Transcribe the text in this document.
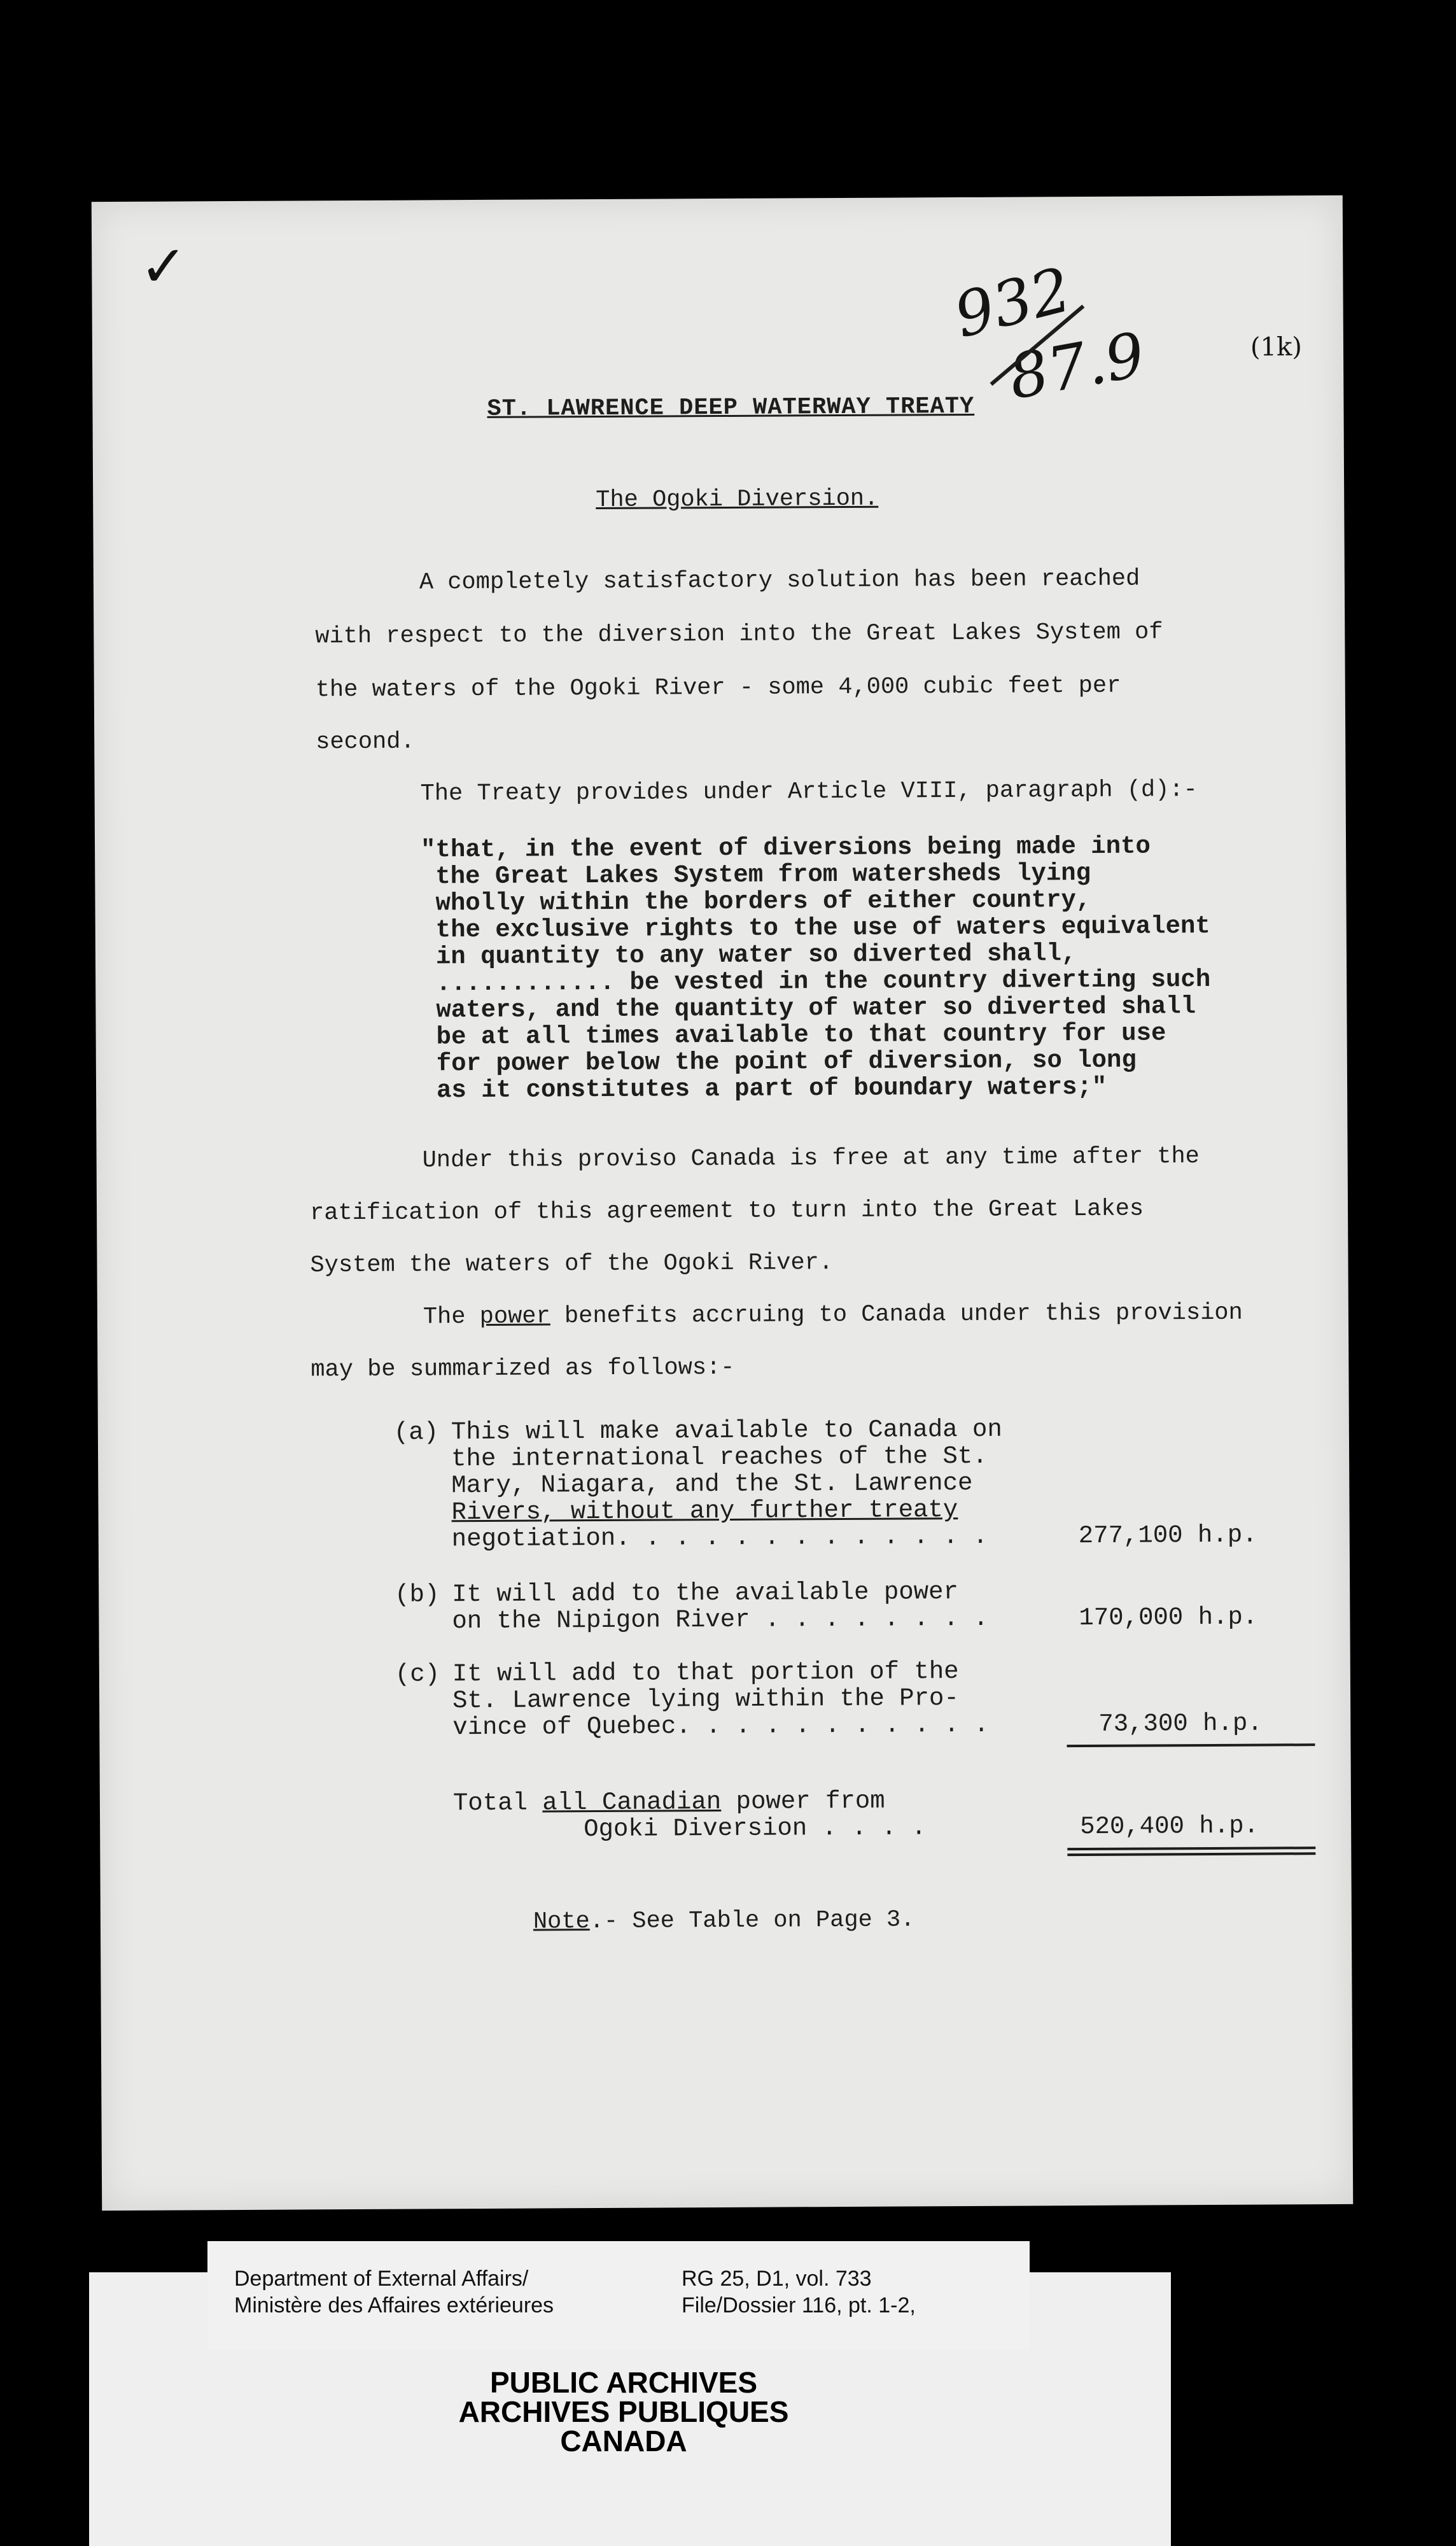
932
87.9	(1k)
✓
ST. LAWRENCE DEEP WATERWAY TREATY
The Ogoki Diversion.
A completely satisfactory solution has been reached
with respect to the diversion into the Great Lakes System of
the waters of the Ogoki River - some 4,000 cubic feet per
second.
The Treaty provides under Article VIII, paragraph (d):-
"that, in the event of diversions being made into
the Great Lakes System from watersheds lying
wholly within the borders of either country,
the exclusive rights to the use of waters equivalent
in quantity to any water so diverted shall,
............ be vested in the country diverting such
waters, and the quantity of water so diverted shall
be at all times available to that country for use
for power below the point of diversion, so long
as it constitutes a part of boundary waters;"
Under this proviso Canada is free at any time after the
ratification of this agreement to turn into the Great Lakes
System the waters of the Ogoki River.
The power benefits accruing to Canada under this provision
may be summarized as follows:-
(a) This will make available to Canada on
the international reaches of the St.
Mary, Niagara, and the St. Lawrence
Rivers, without any further treaty
negotiation. . . . . . . . . . . . .	277,100 h.p.
(b) It will add to the available power
on the Nipigon River . . . . . . . .	170,000 h.p.
(c) It will add to that portion of the
St. Lawrence lying within the Pro-
vince of Quebec. . . . . . . . . . .	73,300 h.p.
Total all Canadian power from
Ogoki Diversion . . . .	520,400 h.p.
Note.- See Table on Page 3.
Department of External Affairs/
Ministère des Affaires extérieures
RG 25, D1, vol. 733
File/Dossier 116, pt. 1-2,
PUBLIC ARCHIVES
ARCHIVES PUBLIQUES
CANADA
